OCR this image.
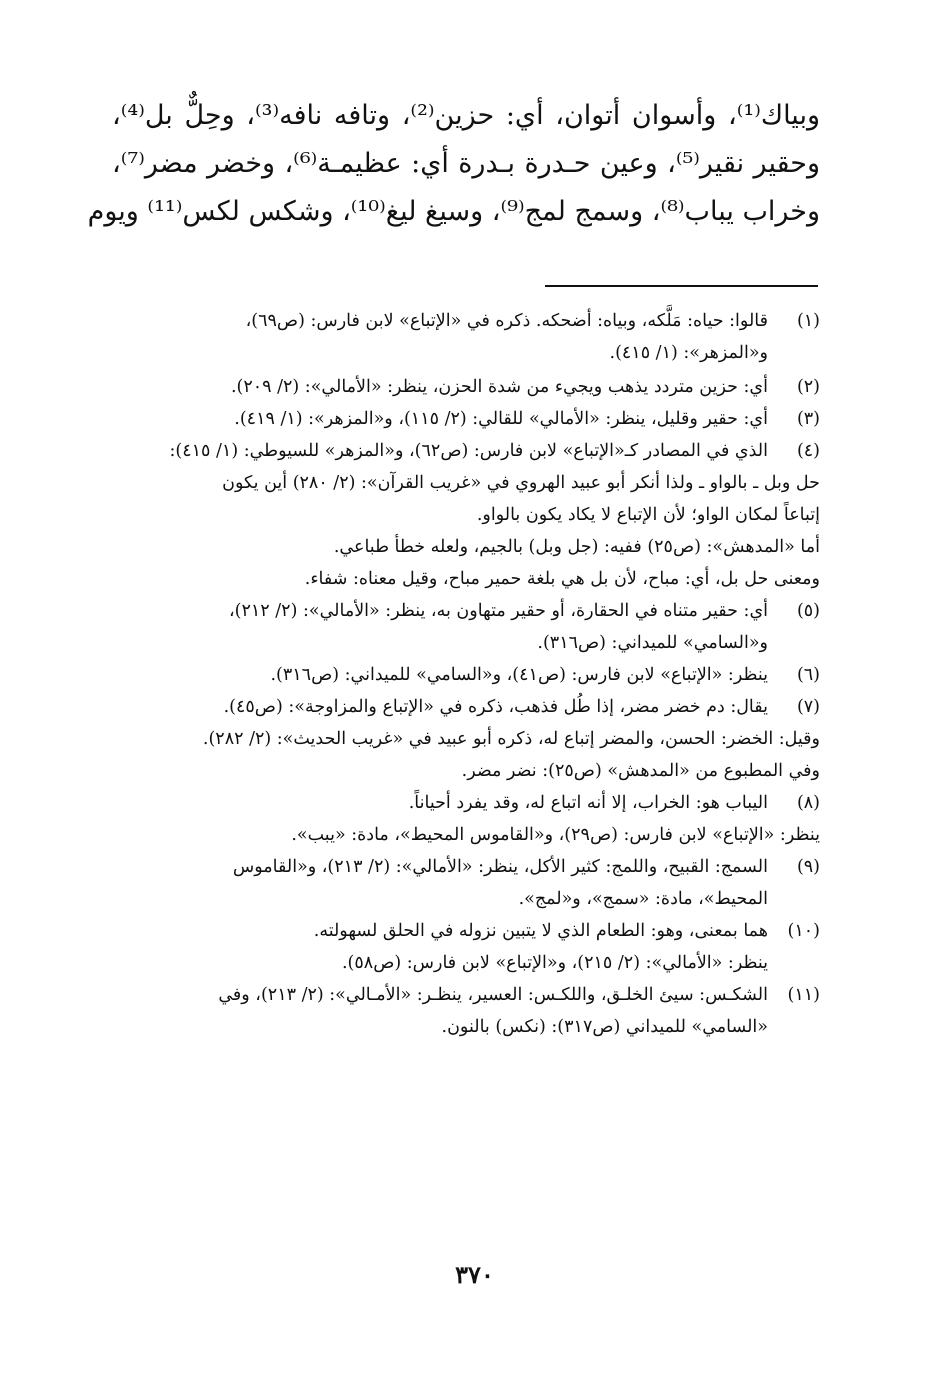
وبياك⁽¹⁾، وأسوان أتوان، أي: حزين⁽²⁾، وتافه نافه⁽³⁾، وحِلٌّ بل⁽⁴⁾،
وحقير نقير⁽⁵⁾، وعين حـدرة بـدرة أي: عظيمـة⁽⁶⁾، وخضر مضر⁽⁷⁾،
وخراب يباب⁽⁸⁾، وسمج لمج⁽⁹⁾، وسيغ ليغ⁽¹⁰⁾، وشكس لكس⁽¹¹⁾ ويوم

(١)
قالوا: حياه: مَلَّكه، وبياه: أضحكه. ذكره في «الإتباع» لابن فارس: (ص٦٩)،
و«المزهر»: (١/ ٤١٥).
(٢)
أي: حزين متردد يذهب ويجيء من شدة الحزن، ينظر: «الأمالي»: (٢/ ٢٠٩).
(٣)
أي: حقير وقليل، ينظر: «الأمالي» للقالي: (٢/ ١١٥)، و«المزهر»: (١/ ٤١٩).
(٤)
الذي في المصادر كـ«الإتباع» لابن فارس: (ص٦٢)، و«المزهر» للسيوطي: (١/ ٤١٥):
حل وبل ـ بالواو ـ ولذا أنكر أبو عبيد الهروي في «غريب القرآن»: (٢/ ٢٨٠) أين يكون
إتباعاً لمكان الواو؛ لأن الإتباع لا يكاد يكون بالواو.
أما «المدهش»: (ص٢٥) ففيه: (جل وبل) بالجيم، ولعله خطأ طباعي.
ومعنى حل بل، أي: مباح، لأن بل هي بلغة حمير مباح، وقيل معناه: شفاء.
(٥)
أي: حقير متناه في الحقارة، أو حقير متهاون به، ينظر: «الأمالي»: (٢/ ٢١٢)،
و«السامي» للميداني: (ص٣١٦).
(٦)
ينظر: «الإتباع» لابن فارس: (ص٤١)، و«السامي» للميداني: (ص٣١٦).
(٧)
يقال: دم خضر مضر، إذا طُل فذهب، ذكره في «الإتباع والمزاوجة»: (ص٤٥).
وقيل: الخضر: الحسن، والمضر إتباع له، ذكره أبو عبيد في «غريب الحديث»: (٢/ ٢٨٢).
وفي المطبوع من «المدهش» (ص٢٥): نضر مضر.
(٨)
اليباب هو: الخراب، إلا أنه اتباع له، وقد يفرد أحياناً.
ينظر: «الإتباع» لابن فارس: (ص٢٩)، و«القاموس المحيط»، مادة: «يبب».
(٩)
السمج: القبيح، واللمج: كثير الأكل، ينظر: «الأمالي»: (٢/ ٢١٣)، و«القاموس
المحيط»، مادة: «سمج»، و«لمج».
(١٠)
هما بمعنى، وهو: الطعام الذي لا يتبين نزوله في الحلق لسهولته.
ينظر: «الأمالي»: (٢/ ٢١٥)، و«الإتباع» لابن فارس: (ص٥٨).
(١١)
الشكـس: سيئ الخلـق، واللكـس: العسير، ينظـر: «الأمـالي»: (٢/ ٢١٣)، وفي
«السامي» للميداني (ص٣١٧): (نكس) بالنون.
٣٧٠
